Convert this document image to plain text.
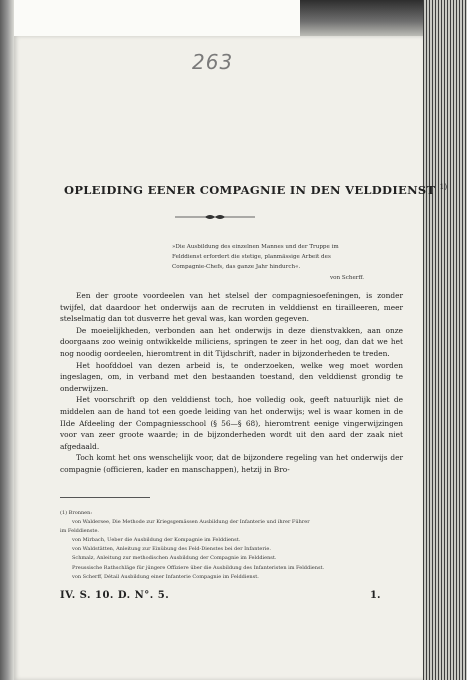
263
OPLEIDING EENER COMPAGNIE IN DEN VELDDIENST $^{1)}$
»Die Ausbildung des einzelnen Mannes und der Truppe im
Felddienst erfordert die stetige, planmässige Arbeit des
Compagnie-Chefs, das ganze Jahr hindurch«.
von Scherff.

Een der groote voordeelen van het stelsel der compagniesoefeningen, is zonder twijfel, dat daardoor het onderwijs aan de recruten in velddienst en tirailleeren, meer stelselmatig dan tot dusverre het geval was, kan worden gegeven.

De moeielijkheden, verbonden aan het onderwijs in deze dienstvakken, aan onze doorgaans zoo weinig ontwikkelde miliciens, springen te zeer in het oog, dan dat we het nog noodig oordeelen, hieromtrent in dit Tijdschrift, nader in bijzonderheden te treden.

Het hoofddoel van dezen arbeid is, te onderzoeken, welke weg moet worden ingeslagen, om, in verband met den bestaanden toestand, den velddienst grondig te onderwijzen.

Het voorschrift op den velddienst toch, hoe volledig ook, geeft natuurlijk niet de middelen aan de hand tot een goede leiding van het onderwijs; wel is waar komen in de IIde Afdeeling der Compagniesschool (§ 56—§ 68), hieromtrent eenige vingerwijzingen voor van zeer groote waarde; in de bijzonderheden wordt uit den aard der zaak niet afgedaald.

Toch komt het ons wenschelijk voor, dat de bijzondere regeling van het onderwijs der compagnie (officieren, kader en manschappen), hetzij in Bro-

(1) Bronnen:
von Waldersee, Die Methode zur Kriegsgemässen Ausbildung der Infanterie und ihrer Führer
im Felddienste.
von Mirbach, Ueber die Ausbildung der Kompagnie im Felddienst.
von Waldstätten, Anleitung zur Einübung des Feld-Dienstes bei der Infanterie.
Schmalz, Anleitung zur methodischen Ausbildung der Compagnie im Felddienst.
Preussische Rathschläge für jüngere Offiziere über die Ausbildung des Infanteristen im Felddienst.
von Scherff, Détail Ausbildung einer Infanterie Compagnie im Felddienst.
IV. S. 10. D. N°. 5.	1.
